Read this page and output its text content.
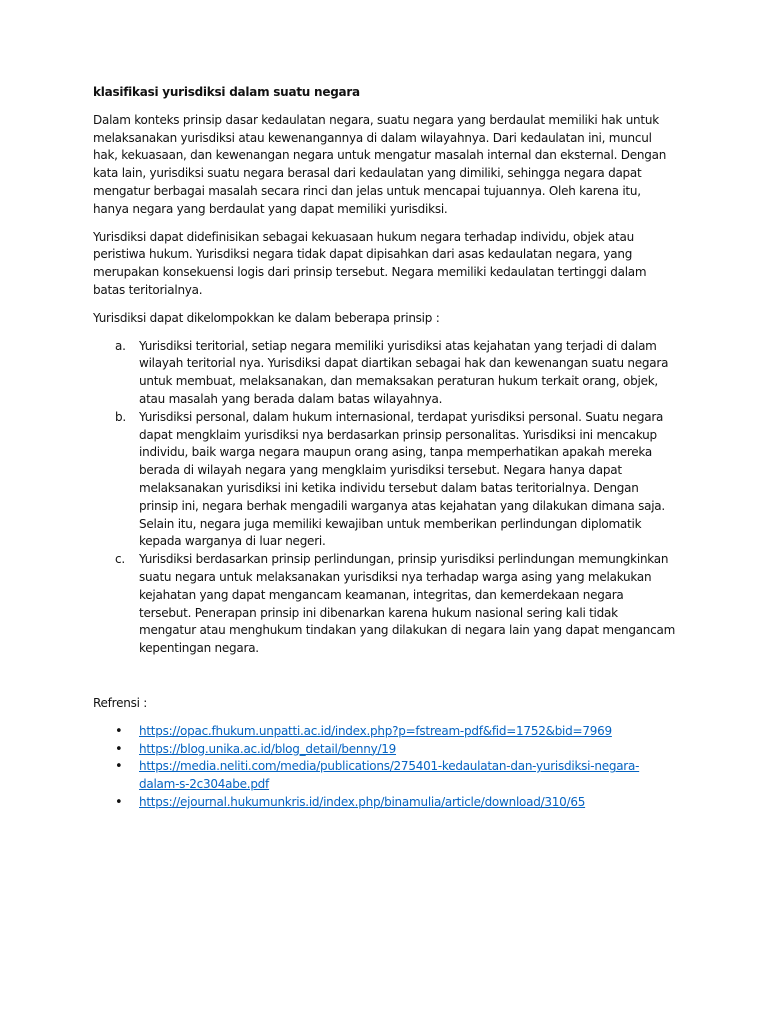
klasifikasi yurisdiksi dalam suatu negara

Dalam konteks prinsip dasar kedaulatan negara, suatu negara yang berdaulat memiliki hak untuk melaksanakan yurisdiksi atau kewenangannya di dalam wilayahnya. Dari kedaulatan ini, muncul hak, kekuasaan, dan kewenangan negara untuk mengatur masalah internal dan eksternal. Dengan kata lain, yurisdiksi suatu negara berasal dari kedaulatan yang dimiliki, sehingga negara dapat mengatur berbagai masalah secara rinci dan jelas untuk mencapai tujuannya. Oleh karena itu, hanya negara yang berdaulat yang dapat memiliki yurisdiksi.

Yurisdiksi dapat didefinisikan sebagai kekuasaan hukum negara terhadap individu, objek atau peristiwa hukum. Yurisdiksi negara tidak dapat dipisahkan dari asas kedaulatan negara, yang merupakan konsekuensi logis dari prinsip tersebut. Negara memiliki kedaulatan tertinggi dalam batas teritorialnya.

Yurisdiksi dapat dikelompokkan ke dalam beberapa prinsip :

a. Yurisdiksi teritorial, setiap negara memiliki yurisdiksi atas kejahatan yang terjadi di dalam wilayah teritorial nya. Yurisdiksi dapat diartikan sebagai hak dan kewenangan suatu negara untuk membuat, melaksanakan, dan memaksakan peraturan hukum terkait orang, objek, atau masalah yang berada dalam batas wilayahnya.
b. Yurisdiksi personal, dalam hukum internasional, terdapat yurisdiksi personal. Suatu negara dapat mengklaim yurisdiksi nya berdasarkan prinsip personalitas. Yurisdiksi ini mencakup individu, baik warga negara maupun orang asing, tanpa memperhatikan apakah mereka berada di wilayah negara yang mengklaim yurisdiksi tersebut. Negara hanya dapat melaksanakan yurisdiksi ini ketika individu tersebut dalam batas teritorialnya. Dengan prinsip ini, negara berhak mengadili warganya atas kejahatan yang dilakukan dimana saja. Selain itu, negara juga memiliki kewajiban untuk memberikan perlindungan diplomatik kepada warganya di luar negeri.
c. Yurisdiksi berdasarkan prinsip perlindungan, prinsip yurisdiksi perlindungan memungkinkan suatu negara untuk melaksanakan yurisdiksi nya terhadap warga asing yang melakukan kejahatan yang dapat mengancam keamanan, integritas, dan kemerdekaan negara tersebut. Penerapan prinsip ini dibenarkan karena hukum nasional sering kali tidak mengatur atau menghukum tindakan yang dilakukan di negara lain yang dapat mengancam kepentingan negara.

Refrensi :

• https://opac.fhukum.unpatti.ac.id/index.php?p=fstream-pdf&fid=1752&bid=7969
• https://blog.unika.ac.id/blog_detail/benny/19
• https://media.neliti.com/media/publications/275401-kedaulatan-dan-yurisdiksi-negara-dalam-s-2c304abe.pdf
• https://ejournal.hukumunkris.id/index.php/binamulia/article/download/310/65
